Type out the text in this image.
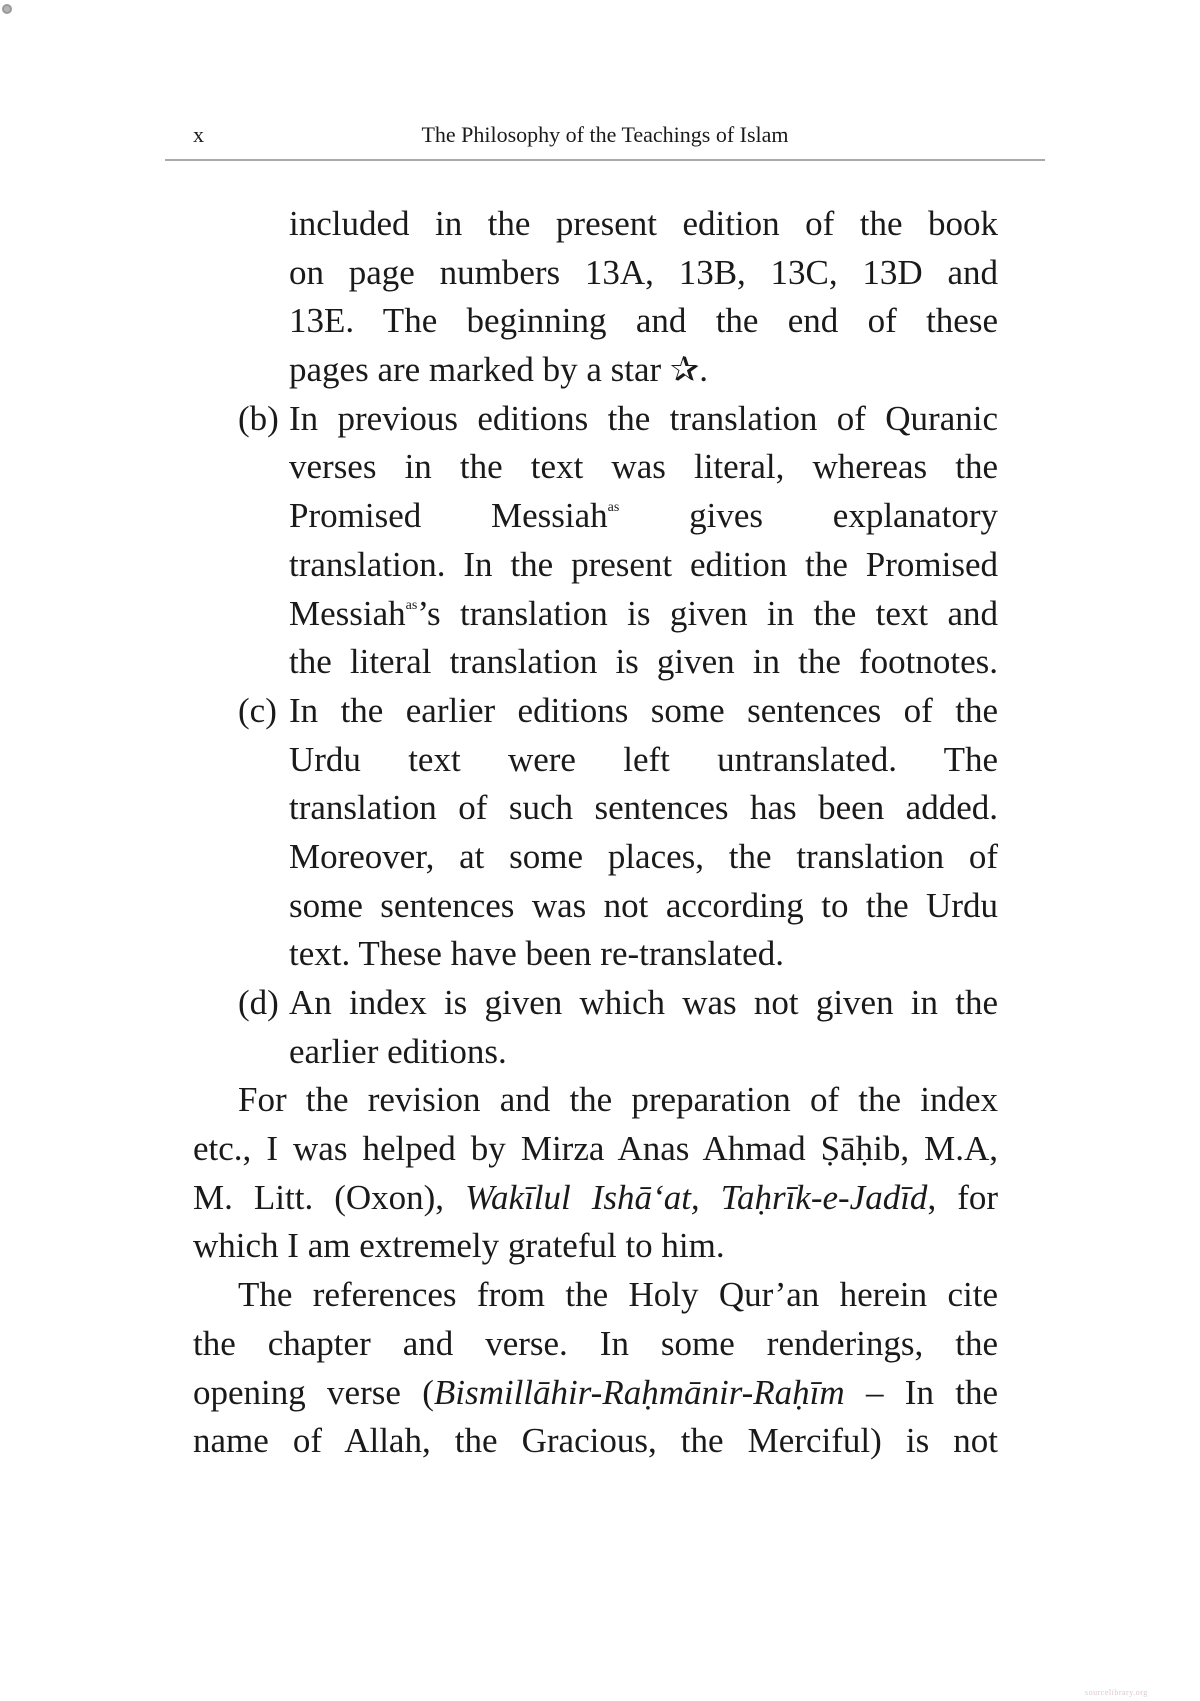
x	The Philosophy of the Teachings of Islam
included in the present edition of the book
on page numbers 13A, 13B, 13C, 13D and
13E. The beginning and the end of these
pages are marked by a star ✰.
(b) In previous editions the translation of Quranic
verses in the text was literal, whereas the
Promised Messiah$^{as}$ gives explanatory
translation. In the present edition the Promised
Messiah$^{as}$’s translation is given in the text and
the literal translation is given in the footnotes.
(c) In the earlier editions some sentences of the
Urdu text were left untranslated. The
translation of such sentences has been added.
Moreover, at some places, the translation of
some sentences was not according to the Urdu
text. These have been re-translated.
(d) An index is given which was not given in the
earlier editions.
For the revision and the preparation of the index
etc., I was helped by Mirza Anas Ahmad Ṣāḥib, M.A,
M. Litt. (Oxon), Wakīlul Ishā‘at, Taḥrīk-e-Jadīd, for
which I am extremely grateful to him.
The references from the Holy Qur’an herein cite
the chapter and verse. In some renderings, the
opening verse (Bismillāhir-Raḥmānir-Raḥīm – In the
name of Allah, the Gracious, the Merciful) is not
sourcelibrary.org
